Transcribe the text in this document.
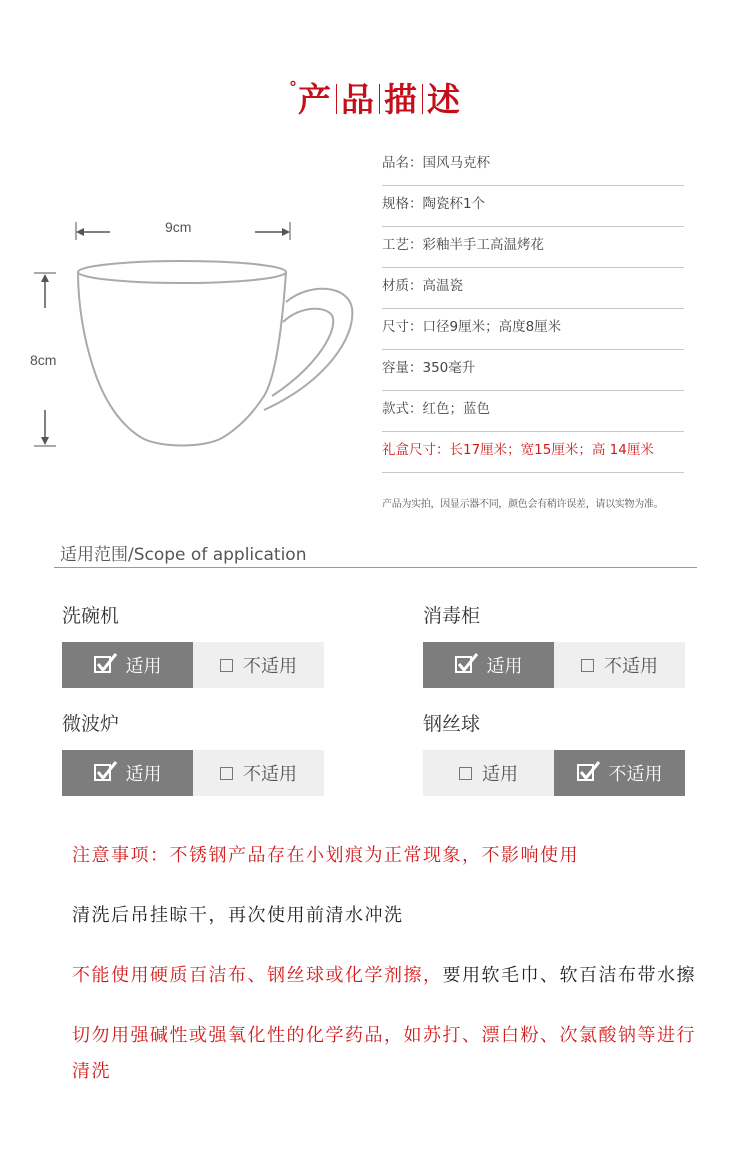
°产 品 描 述
9cm
8cm
品名：国风马克杯
规格：陶瓷杯1个
工艺：彩釉半手工高温烤花
材质：高温瓷
尺寸：口径9厘米；高度8厘米
容量：350毫升
款式：红色；蓝色
礼盒尺寸：长17厘米；宽15厘米；高 14厘米
产品为实拍，因显示器不同，颜色会有稍许误差，请以实物为准。
适用范围/Scope of application
洗碗机
适用	不适用
消毒柜
适用	不适用
微波炉
适用	不适用
钢丝球
适用	不适用
注意事项：不锈钢产品存在小划痕为正常现象，不影响使用
清洗后吊挂晾干，再次使用前清水冲洗
不能使用硬质百洁布、钢丝球或化学剂擦，要用软毛巾、软百洁布带水擦
切勿用强碱性或强氧化性的化学药品，如苏打、漂白粉、次氯酸钠等进行清洗
